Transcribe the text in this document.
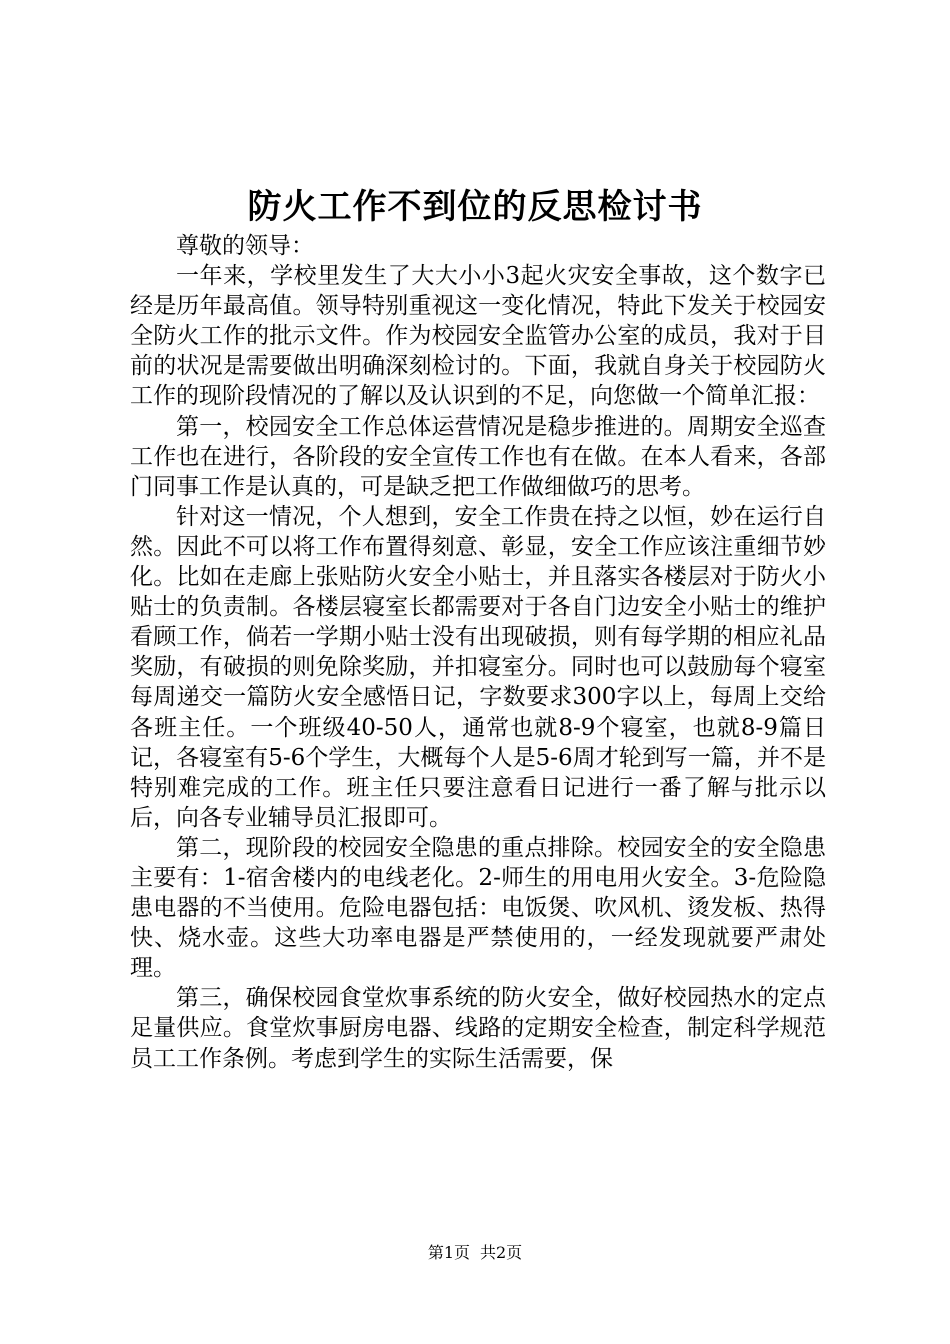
防火工作不到位的反思检讨书

尊敬的领导：

一年来，学校里发生了大大小小3起火灾安全事故，这个数字已经是历年最高值。领导特别重视这一变化情况，特此下发关于校园安全防火工作的批示文件。作为校园安全监管办公室的成员，我对于目前的状况是需要做出明确深刻检讨的。下面，我就自身关于校园防火工作的现阶段情况的了解以及认识到的不足，向您做一个简单汇报：

第一，校园安全工作总体运营情况是稳步推进的。周期安全巡查工作也在进行，各阶段的安全宣传工作也有在做。在本人看来，各部门同事工作是认真的，可是缺乏把工作做细做巧的思考。

针对这一情况，个人想到，安全工作贵在持之以恒，妙在运行自然。因此不可以将工作布置得刻意、彰显，安全工作应该注重细节妙化。比如在走廊上张贴防火安全小贴士，并且落实各楼层对于防火小贴士的负责制。各楼层寝室长都需要对于各自门边安全小贴士的维护看顾工作，倘若一学期小贴士没有出现破损，则有每学期的相应礼品奖励，有破损的则免除奖励，并扣寝室分。同时也可以鼓励每个寝室每周递交一篇防火安全感悟日记，字数要求300字以上，每周上交给各班主任。一个班级40-50人，通常也就8-9个寝室，也就8-9篇日记，各寝室有5-6个学生，大概每个人是5-6周才轮到写一篇，并不是特别难完成的工作。班主任只要注意看日记进行一番了解与批示以后，向各专业辅导员汇报即可。

第二，现阶段的校园安全隐患的重点排除。校园安全的安全隐患主要有：1-宿舍楼内的电线老化。2-师生的用电用火安全。3-危险隐患电器的不当使用。危险电器包括：电饭煲、吹风机、烫发板、热得快、烧水壶。这些大功率电器是严禁使用的，一经发现就要严肃处理。

第三，确保校园食堂炊事系统的防火安全，做好校园热水的定点足量供应。食堂炊事厨房电器、线路的定期安全检查，制定科学规范员工工作条例。考虑到学生的实际生活需要，保

第1页 共2页
